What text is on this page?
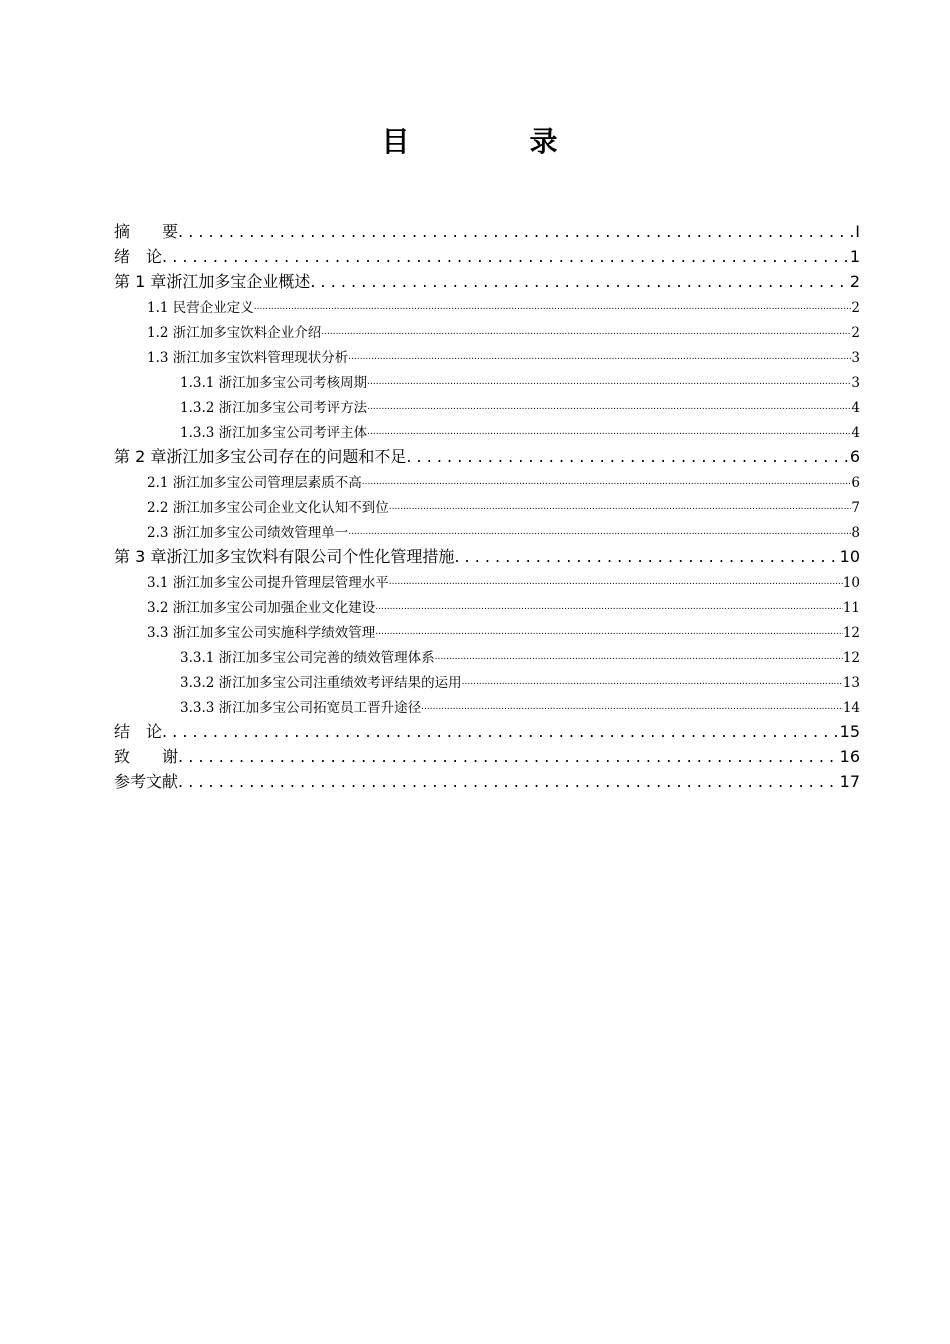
目　录
摘　　要 . . .	I
绪　论 . . .	1
第 1 章浙江加多宝企业概述 . . .	2
1.1 民营企业定义 .....	2
1.2 浙江加多宝饮料企业介绍 .....	2
1.3 浙江加多宝饮料管理现状分析 .....	3
1.3.1 浙江加多宝公司考核周期 .....	3
1.3.2 浙江加多宝公司考评方法 .....	4
1.3.3 浙江加多宝公司考评主体 .....	4
第 2 章浙江加多宝公司存在的问题和不足 . . .	6
2.1 浙江加多宝公司管理层素质不高 .....	6
2.2 浙江加多宝公司企业文化认知不到位 .....	7
2.3 浙江加多宝公司绩效管理单一 .....	8
第 3 章浙江加多宝饮料有限公司个性化管理措施 . . .	10
3.1 浙江加多宝公司提升管理层管理水平 .....	10
3.2 浙江加多宝公司加强企业文化建设 .....	11
3.3 浙江加多宝公司实施科学绩效管理 .....	12
3.3.1 浙江加多宝公司完善的绩效管理体系 .....	12
3.3.2 浙江加多宝公司注重绩效考评结果的运用 .....	13
3.3.3 浙江加多宝公司拓宽员工晋升途径 .....	14
结　论 . . .	15
致　　谢 . . .	16
参考文献 . . .	17
